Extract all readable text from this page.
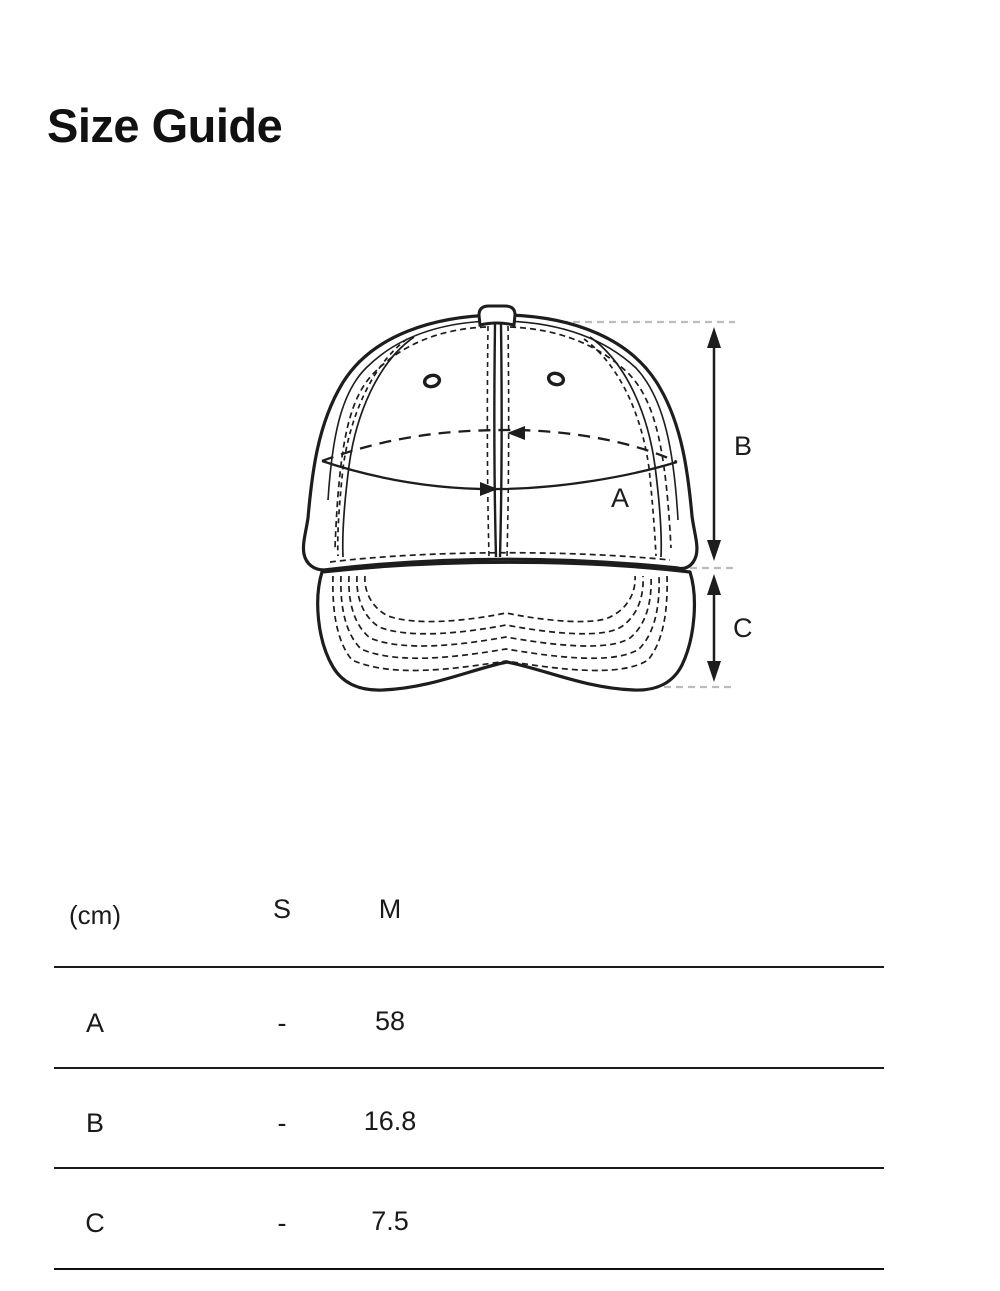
Size Guide
A
B
C
(cm)	S	M
A	-	58
B	-	16.8
C	-	7.5
